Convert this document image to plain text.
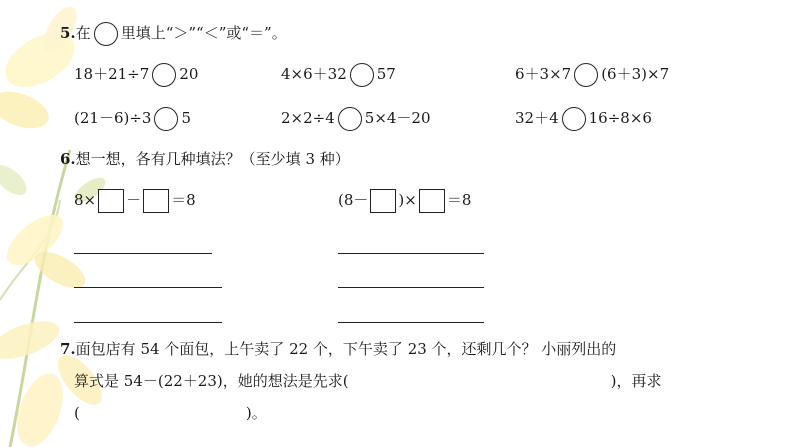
5.在 里填上“＞”“＜”或“＝”。
18＋21÷7 20	4×6＋32 57	6＋3×7 (6＋3)×7
(21－6)÷3 5	2×2÷4 5×4－20	32＋4 16÷8×6
6.想一想，各有几种填法？（至少填 3 种）
8× － ＝8	(8－ )× ＝8
7.面包店有 54 个面包，上午卖了 22 个，下午卖了 23 个，还剩几个？ 小丽列出的
算式是 54－(22＋23)，她的想法是先求(	)，再求
(	)。
